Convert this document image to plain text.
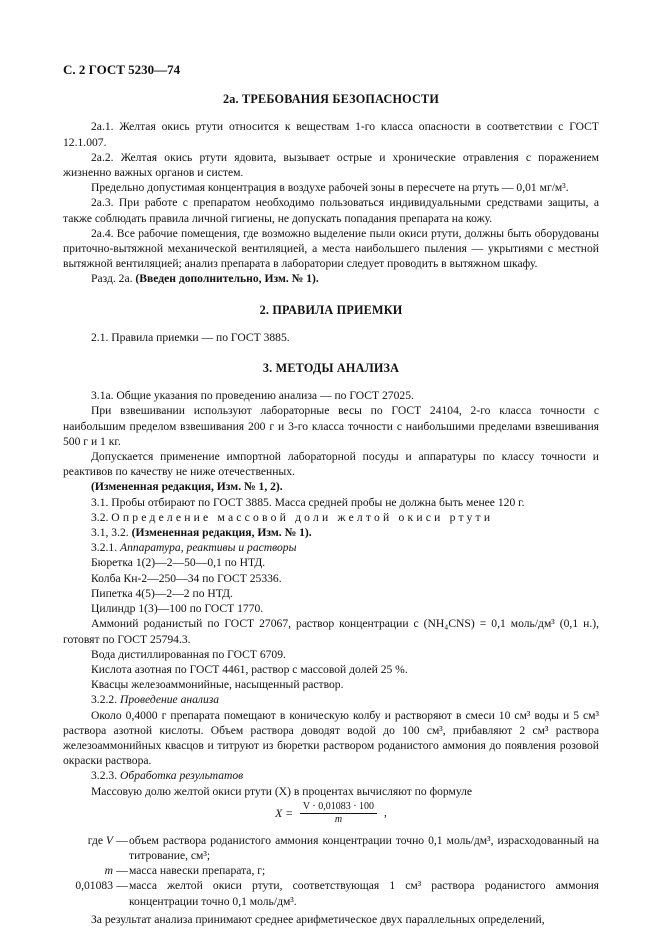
С. 2 ГОСТ 5230—74
2а. ТРЕБОВАНИЯ БЕЗОПАСНОСТИ

2а.1. Желтая окись ртути относится к веществам 1-го класса опасности в соответствии с ГОСТ 12.1.007.

2а.2. Желтая окись ртути ядовита, вызывает острые и хронические отравления с поражением жизненно важных органов и систем.

Предельно допустимая концентрация в воздухе рабочей зоны в пересчете на ртуть — 0,01 мг/м³.

2а.3. При работе с препаратом необходимо пользоваться индивидуальными средствами защиты, а также соблюдать правила личной гигиены, не допускать попадания препарата на кожу.

2а.4. Все рабочие помещения, где возможно выделение пыли окиси ртути, должны быть оборудованы приточно-вытяжной механической вентиляцией, а места наибольшего пыления — укрытиями с местной вытяжной вентиляцией; анализ препарата в лаборатории следует проводить в вытяжном шкафу.

Разд. 2а. (Введен дополнительно, Изм. № 1).

2. ПРАВИЛА ПРИЕМКИ

2.1. Правила приемки — по ГОСТ 3885.

3. МЕТОДЫ АНАЛИЗА

3.1а. Общие указания по проведению анализа — по ГОСТ 27025.

При взвешивании используют лабораторные весы по ГОСТ 24104, 2-го класса точности с наибольшим пределом взвешивания 200 г и 3-го класса точности с наибольшими пределами взвешивания 500 г и 1 кг.

Допускается применение импортной лабораторной посуды и аппаратуры по классу точности и реактивов по качеству не ниже отечественных.

(Измененная редакция, Изм. № 1, 2).

3.1. Пробы отбирают по ГОСТ 3885. Масса средней пробы не должна быть менее 120 г.

3.2. Определение массовой доли желтой окиси ртути

3.1, 3.2. (Измененная редакция, Изм. № 1).

3.2.1. Аппаратура, реактивы и растворы

Бюретка 1(2)—2—50—0,1 по НТД.

Колба Кн-2—250—34 по ГОСТ 25336.

Пипетка 4(5)—2—2 по НТД.

Цилиндр 1(3)—100 по ГОСТ 1770.

Аммоний роданистый по ГОСТ 27067, раствор концентрации c (NH₄CNS) = 0,1 моль/дм³ (0,1 н.), готовят по ГОСТ 25794.3.

Вода дистиллированная по ГОСТ 6709.

Кислота азотная по ГОСТ 4461, раствор с массовой долей 25 %.

Квасцы железоаммонийные, насыщенный раствор.

3.2.2. Проведение анализа

Около 0,4000 г препарата помещают в коническую колбу и растворяют в смеси 10 см³ воды и 5 см³ раствора азотной кислоты. Объем раствора доводят водой до 100 см³, прибавляют 2 см³ раствора железоаммонийных квасцов и титруют из бюретки раствором роданистого аммония до появления розовой окраски раствора.

3.2.3. Обработка результатов

Массовую долю желтой окиси ртути (X) в процентах вычисляют по формуле

$X = \frac{V \cdot 0,01083 \cdot 100}{m}$ ,
где V — объем раствора роданистого аммония концентрации точно 0,1 моль/дм³, израсходованный на титрование, см³;
m — масса навески препарата, г;
0,01083 — масса желтой окиси ртути, соответствующая 1 см³ раствора роданистого аммония концентрации точно 0,1 моль/дм³.

За результат анализа принимают среднее арифметическое двух параллельных определений,
